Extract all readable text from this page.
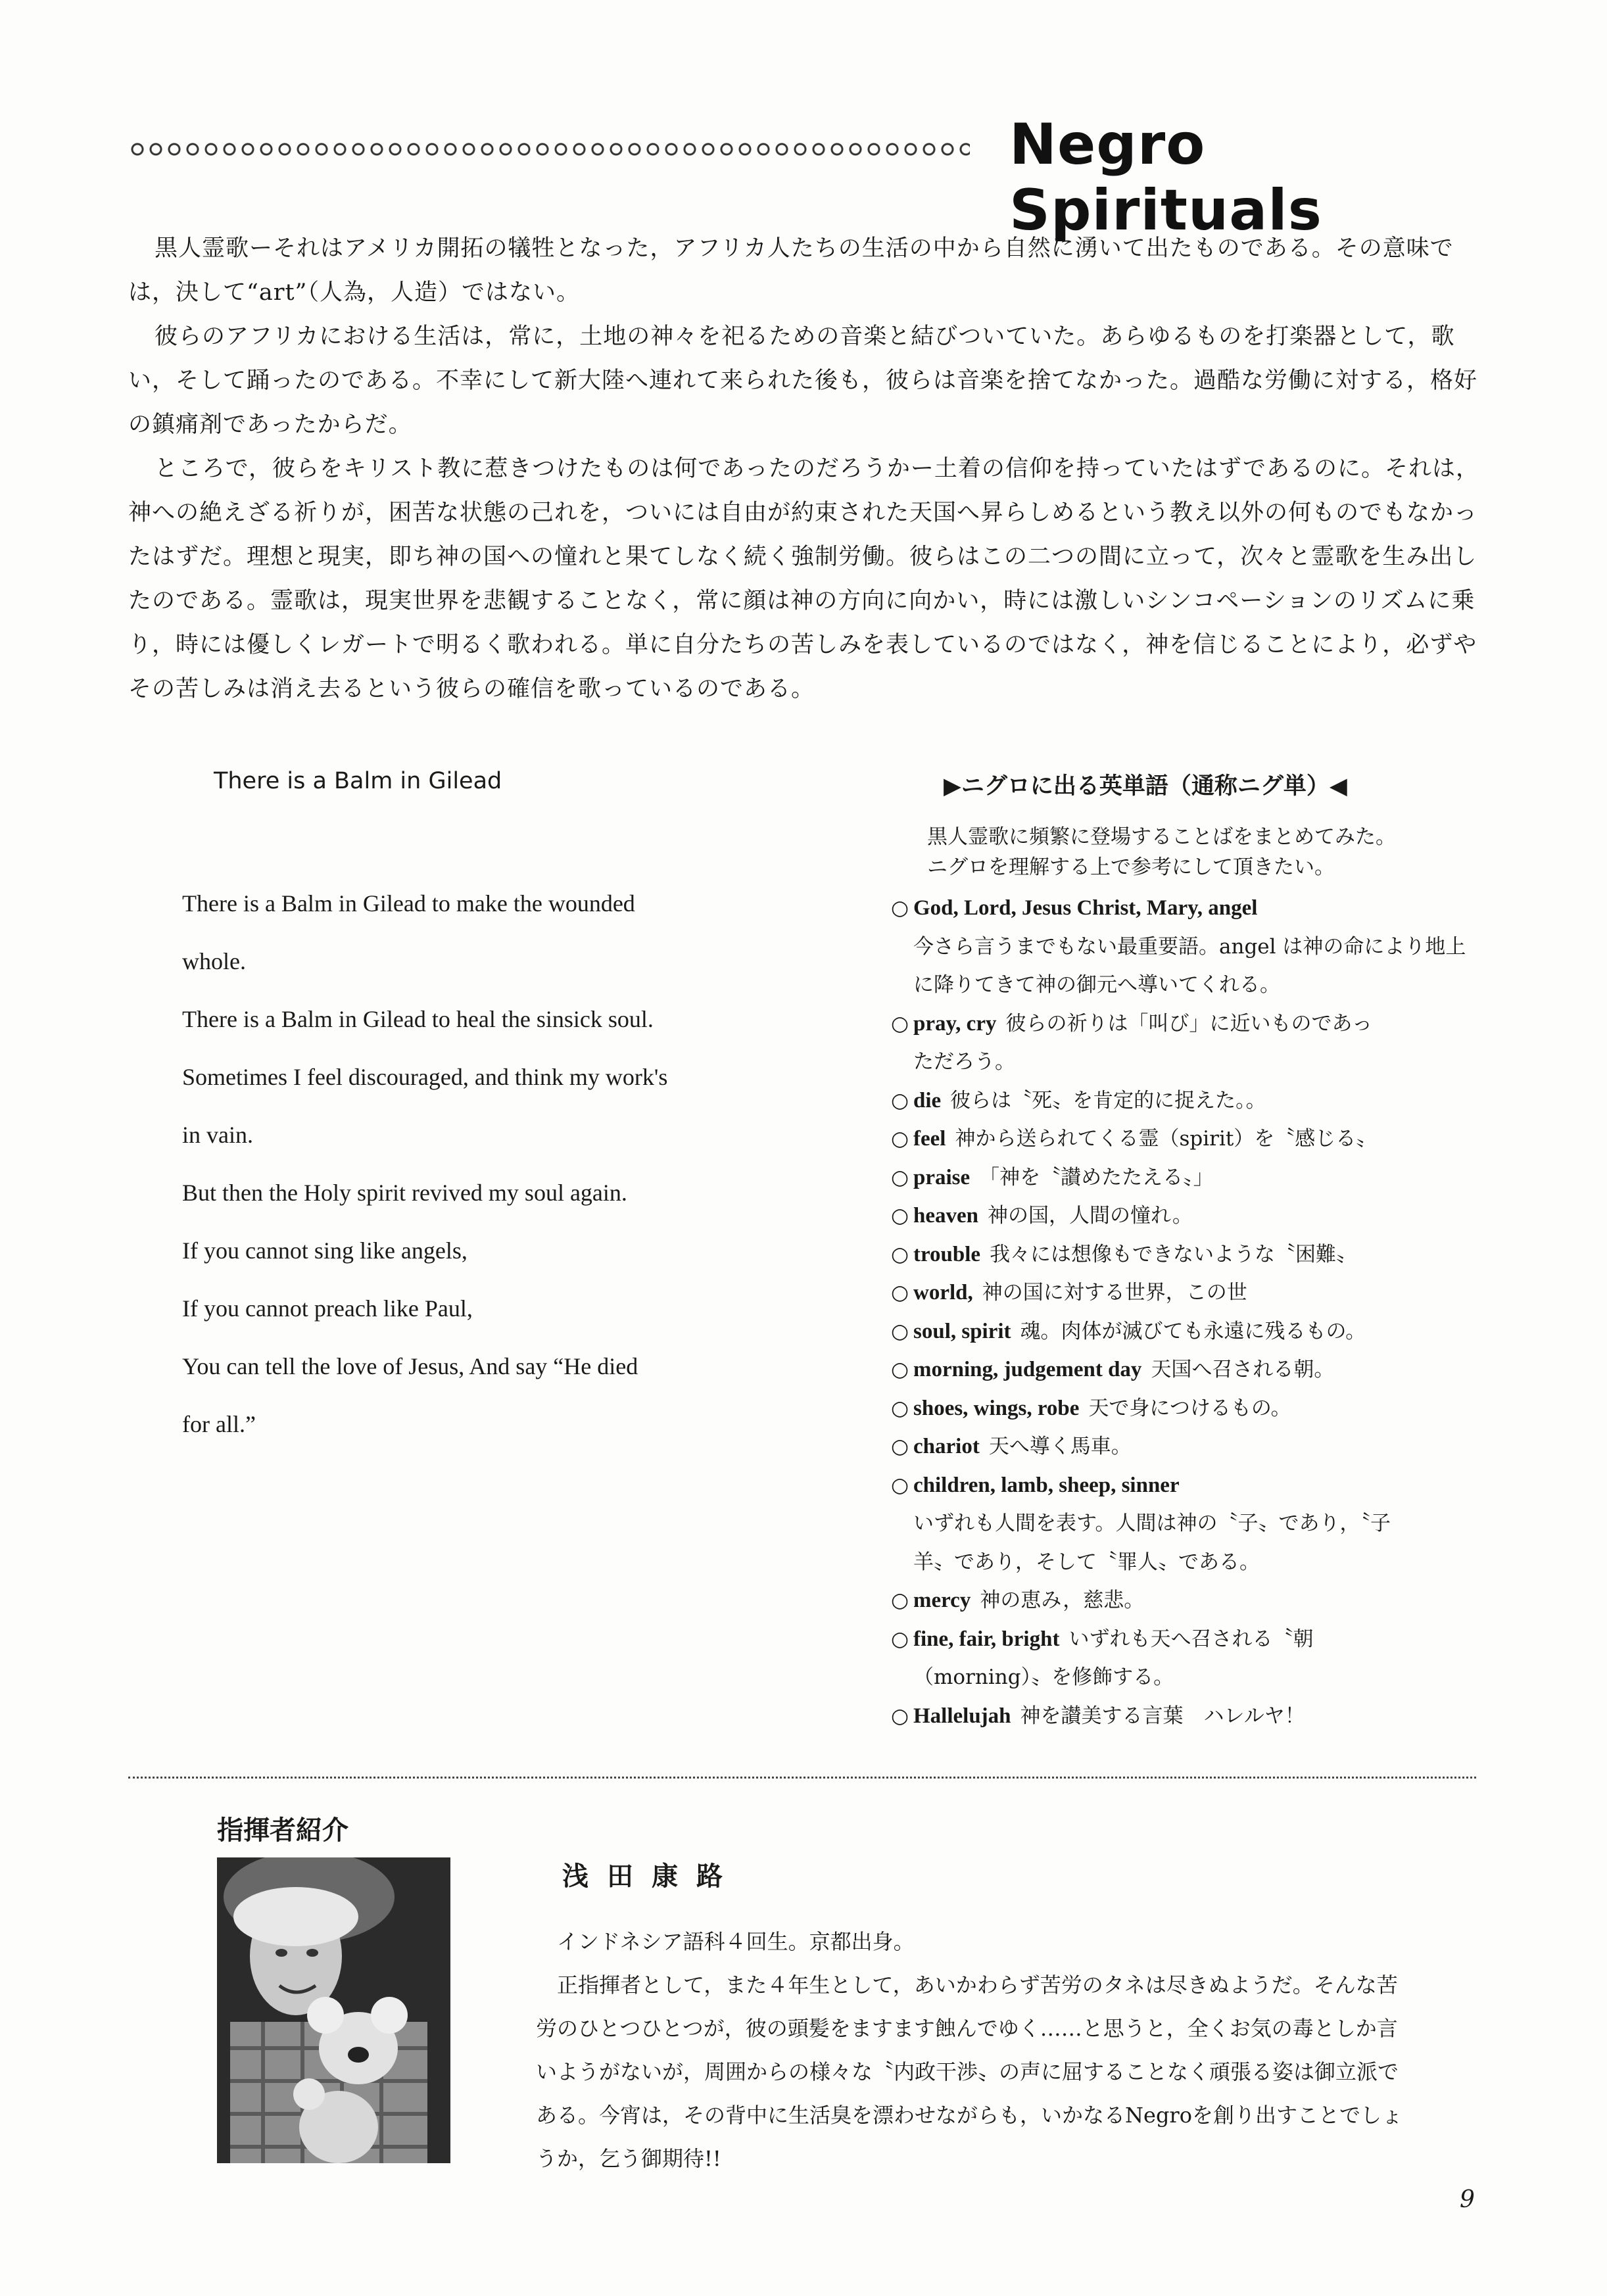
Negro Spirituals

黒人霊歌ーそれはアメリカ開拓の犠牲となった，アフリカ人たちの生活の中から自然に湧いて出たものである。その意味では，決して“art”（人為，人造）ではない。

彼らのアフリカにおける生活は，常に，土地の神々を祀るための音楽と結びついていた。あらゆるものを打楽器として，歌い，そして踊ったのである。不幸にして新大陸へ連れて来られた後も，彼らは音楽を捨てなかった。過酷な労働に対する，格好の鎮痛剤であったからだ。

ところで，彼らをキリスト教に惹きつけたものは何であったのだろうかー土着の信仰を持っていたはずであるのに。それは，神への絶えざる祈りが，困苦な状態の己れを，ついには自由が約束された天国へ昇らしめるという教え以外の何ものでもなかったはずだ。理想と現実，即ち神の国への憧れと果てしなく続く強制労働。彼らはこの二つの間に立って，次々と霊歌を生み出したのである。霊歌は，現実世界を悲観することなく，常に顔は神の方向に向かい，時には激しいシンコペーションのリズムに乗り，時には優しくレガートで明るく歌われる。単に自分たちの苦しみを表しているのではなく，神を信じることにより，必ずやその苦しみは消え去るという彼らの確信を歌っているのである。

There is a Balm in Gilead
There is a Balm in Gilead to make the wounded
whole.
There is a Balm in Gilead to heal the sinsick soul.
Sometimes I feel discouraged, and think my work's
in vain.
But then the Holy spirit revived my soul again.
If you cannot sing like angels,
If you cannot preach like Paul,
You can tell the love of Jesus, And say “He died
for all.”
▶ニグロに出る英単語（通称ニグ単）◀
黒人霊歌に頻繁に登場することばをまとめてみた。
ニグロを理解する上で参考にして頂きたい。
○ God, Lord, Jesus Christ, Mary, angel
今さら言うまでもない最重要語。angel は神の命により地上に降りてきて神の御元へ導いてくれる。
○ pray, cry 彼らの祈りは「叫び」に近いものであっ
ただろう。
○ die 彼らは〝死〟を肯定的に捉えた。。
○ feel 神から送られてくる霊（spirit）を〝感じる〟
○ praise 「神を〝讃めたたえる〟」
○ heaven 神の国，人間の憧れ。
○ trouble 我々には想像もできないような〝困難〟
○ world, 神の国に対する世界，この世
○ soul, spirit 魂。肉体が滅びても永遠に残るもの。
○ morning, judgement day 天国へ召される朝。
○ shoes, wings, robe 天で身につけるもの。
○ chariot 天へ導く馬車。
○ children, lamb, sheep, sinner
いずれも人間を表す。人間は神の〝子〟であり，〝子
羊〟であり，そして〝罪人〟である。
○ mercy 神の恵み，慈悲。
○ fine, fair, bright いずれも天へ召される〝朝
（morning）〟を修飾する。
○ Hallelujah 神を讃美する言葉　ハレルヤ！
指揮者紹介
浅田康路

インドネシア語科４回生。京都出身。

正指揮者として，また４年生として，あいかわらず苦労のタネは尽きぬようだ。そんな苦労のひとつひとつが，彼の頭髪をますます蝕んでゆく……と思うと，全くお気の毒としか言いようがないが，周囲からの様々な〝内政干渉〟の声に屈することなく頑張る姿は御立派である。今宵は，その背中に生活臭を漂わせながらも，いかなるNegroを創り出すことでしょうか，乞う御期待!!

9
